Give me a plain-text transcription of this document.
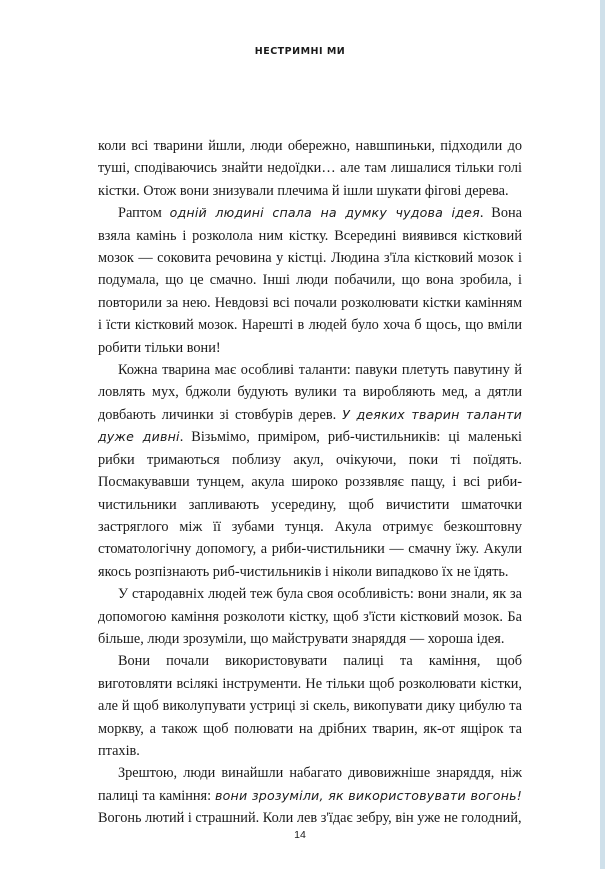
НЕСТРИМНІ МИ

коли всі тварини йшли, люди обережно, навшпиньки, підходили до туші, сподіваючись знайти недоїдки… але там лишалися тільки голі кістки. Отож вони знизували плечима й ішли шукати фігові дерева.

Раптом одній людині спала на думку чудова ідея. Вона взяла камінь і розколола ним кістку. Всередині виявився кістковий мозок — соковита речовина у кістці. Людина з'їла кістковий мозок і подумала, що це смачно. Інші люди побачили, що вона зробила, і повторили за нею. Невдовзі всі почали розколювати кістки камінням і їсти кістковий мозок. Нарешті в людей було хоча б щось, що вміли робити тільки вони!

Кожна тварина має особливі таланти: павуки плетуть павутину й ловлять мух, бджоли будують вулики та виробляють мед, а дятли довбають личинки зі стовбурів дерев. У деяких тварин таланти дуже дивні. Візьмімо, приміром, риб-чистильників: ці маленькі рибки тримаються поблизу акул, очікуючи, поки ті поїдять. Посмакувавши тунцем, акула широко роззявляє пащу, і всі риби-чистильники запливають усередину, щоб вичистити шматочки застряглого між її зубами тунця. Акула отримує безкоштовну стоматологічну допомогу, а риби-чистильники — смачну їжу. Акули якось розпізнають риб-чистильників і ніколи випадково їх не їдять.

У стародавніх людей теж була своя особливість: вони знали, як за допомогою каміння розколоти кістку, щоб з'їсти кістковий мозок. Ба більше, люди зрозуміли, що майструвати знаряддя — хороша ідея.

Вони почали використовувати палиці та каміння, щоб виготовляти всілякі інструменти. Не тільки щоб розколювати кістки, але й щоб виколупувати устриці зі скель, викопувати дику цибулю та моркву, а також щоб полювати на дрібних тварин, як-от ящірок та птахів.

Зрештою, люди винайшли набагато дивовижніше знаряддя, ніж палиці та каміння: вони зрозуміли, як використовувати вогонь! Вогонь лютий і страшний. Коли лев з'їдає зебру, він уже не голодний,

14
